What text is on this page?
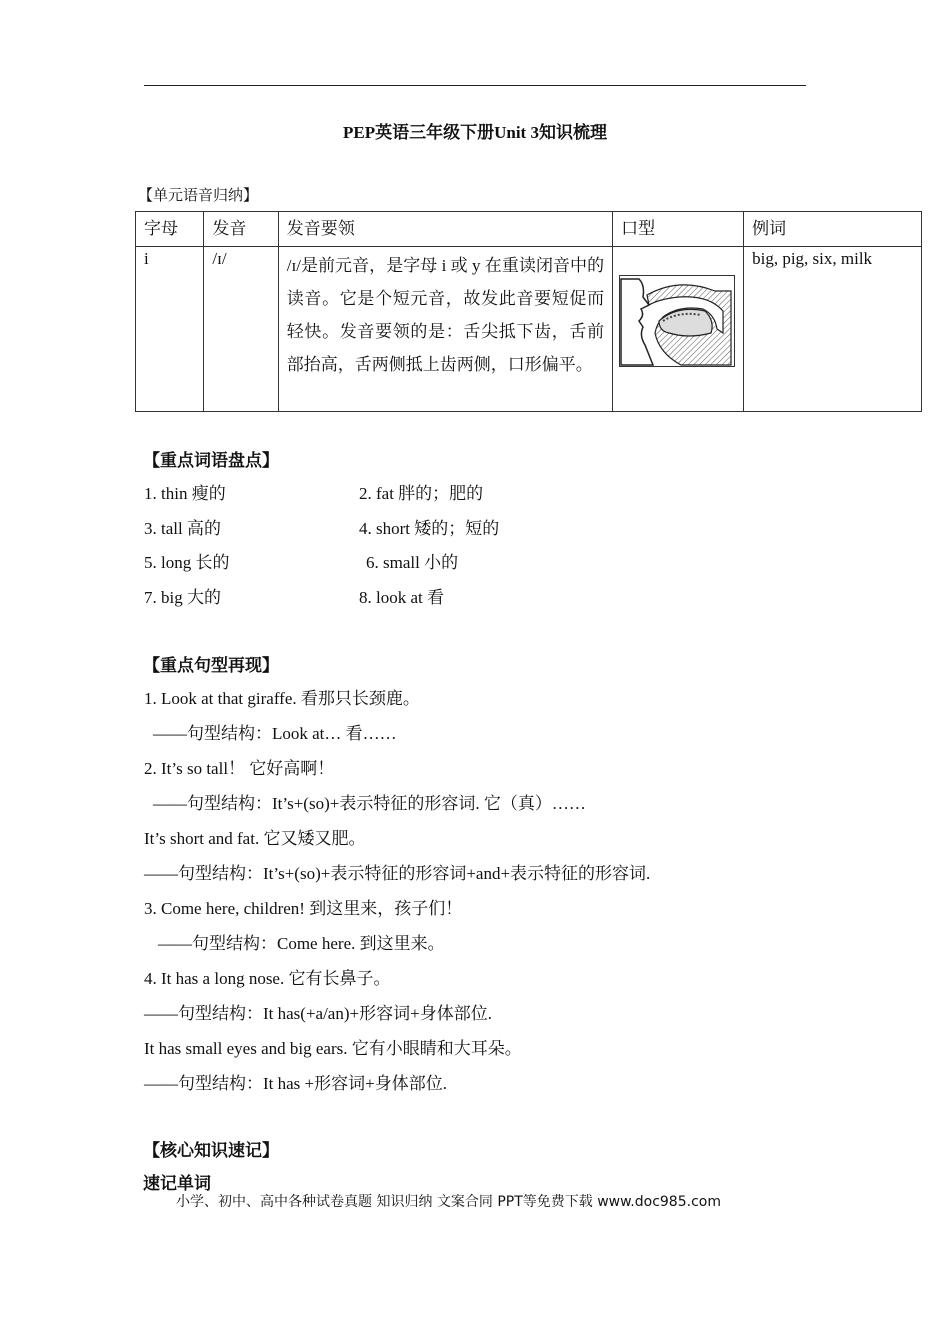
PEP英语三年级下册Unit 3知识梳理
【单元语音归纳】
字母	发音	发音要领	口型	例词
i	/ɪ/	/ɪ/是前元音，是字母 i 或 y 在重读闭音中的读音。它是个短元音，故发此音要短促而轻快。发音要领的是：舌尖抵下齿，舌前部抬高，舌两侧抵上齿两侧，口形偏平。		big, pig, six, milk
【重点词语盘点】
1. thin 瘦的	2. fat 胖的；肥的
3. tall 高的	4. short 矮的；短的
5. long 长的	6. small 小的
7. big 大的	8. look at 看
【重点句型再现】
1. Look at that giraffe. 看那只长颈鹿。
——句型结构：Look at… 看……
2. It’s so tall！ 它好高啊！
——句型结构：It’s+(so)+表示特征的形容词. 它（真）……
It’s short and fat. 它又矮又肥。
——句型结构：It’s+(so)+表示特征的形容词+and+表示特征的形容词.
3. Come here, children! 到这里来，孩子们！
——句型结构：Come here. 到这里来。
4. It has a long nose. 它有长鼻子。
——句型结构：It has(+a/an)+形容词+身体部位.
It has small eyes and big ears. 它有小眼睛和大耳朵。
——句型结构：It has +形容词+身体部位.
【核心知识速记】
速记单词
小学、初中、高中各种试卷真题 知识归纳 文案合同 PPT等免费下载 www.doc985.com
